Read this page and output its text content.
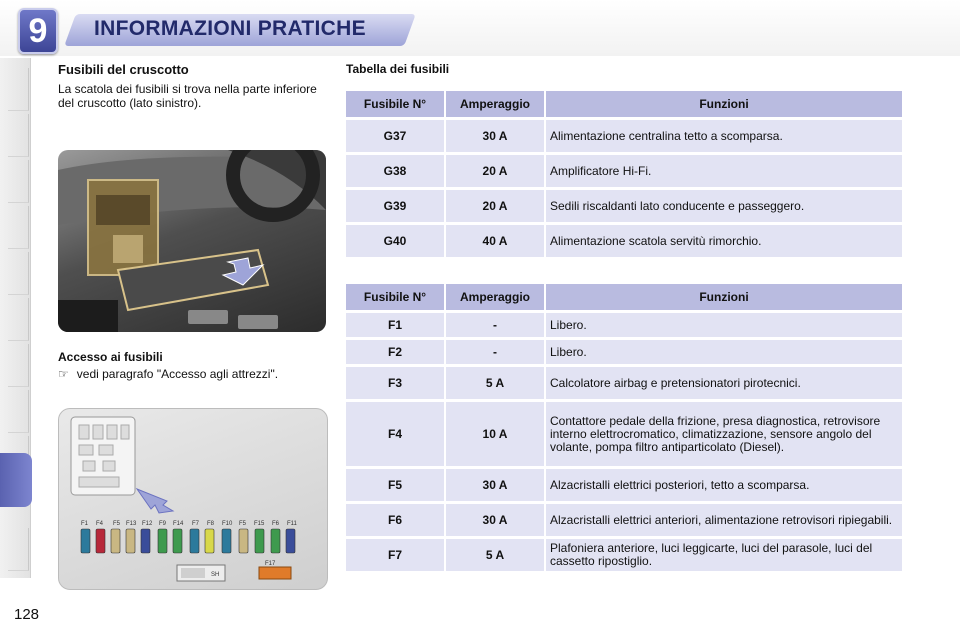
9	INFORMAZIONI PRATICHE
Fusibili del cruscotto
La scatola dei fusibili si trova nella parte inferiore del cruscotto (lato sinistro).
Accesso ai fusibili
☞ vedi paragrafo "Accesso agli attrezzi".
F1 F4 F5 F13 F12 F9 F14 F7 F8 F10 F5 F15 F6 F11
F17
SH
128
Tabella dei fusibili
Fusibile N°	Amperaggio	Funzioni
G37	30 A	Alimentazione centralina tetto a scomparsa.
G38	20 A	Amplificatore Hi-Fi.
G39	20 A	Sedili riscaldanti lato conducente e passeggero.
G40	40 A	Alimentazione scatola servitù rimorchio.
Fusibile N°	Amperaggio	Funzioni
F1	-	Libero.
F2	-	Libero.
F3	5 A	Calcolatore airbag e pretensionatori pirotecnici.
F4	10 A	Contattore pedale della frizione, presa diagnostica, retrovisore interno elettrocromatico, climatizzazione, sensore angolo del volante, pompa filtro antiparticolato (Diesel).
F5	30 A	Alzacristalli elettrici posteriori, tetto a scomparsa.
F6	30 A	Alzacristalli elettrici anteriori, alimentazione retrovisori ripiegabili.
F7	5 A	Plafoniera anteriore, luci leggicarte, luci del parasole, luci del cassetto ripostiglio.
